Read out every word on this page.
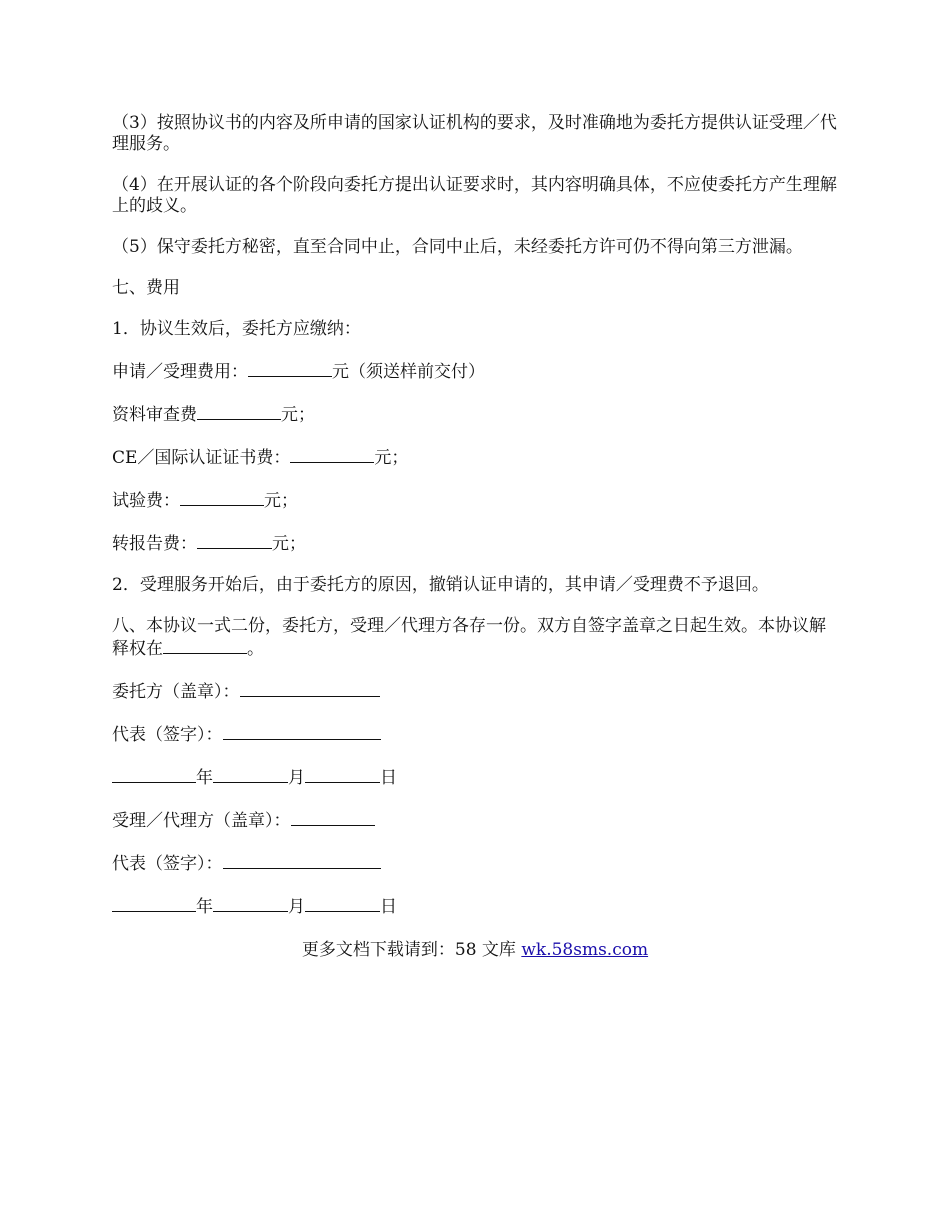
（3）按照协议书的内容及所申请的国家认证机构的要求，及时准确地为委托方提供认证受理／代理服务。

（4）在开展认证的各个阶段向委托方提出认证要求时，其内容明确具体，不应使委托方产生理解上的歧义。

（5）保守委托方秘密，直至合同中止，合同中止后，未经委托方许可仍不得向第三方泄漏。

七、费用

1．协议生效后，委托方应缴纳：

申请／受理费用：	元（须送样前交付）

资料审查费	元；

CE／国际认证证书费：	元；

试验费：	元；

转报告费：	元；

2．受理服务开始后，由于委托方的原因，撤销认证申请的，其申请／受理费不予退回。

八、本协议一式二份，委托方，受理／代理方各存一份。双方自签字盖章之日起生效。本协议解释权在	。

委托方（盖章）：

代表（签字）：

年	月	日

受理／代理方（盖章）：

代表（签字）：

年	月	日

更多文档下载请到：58 文库 wk.58sms.com
